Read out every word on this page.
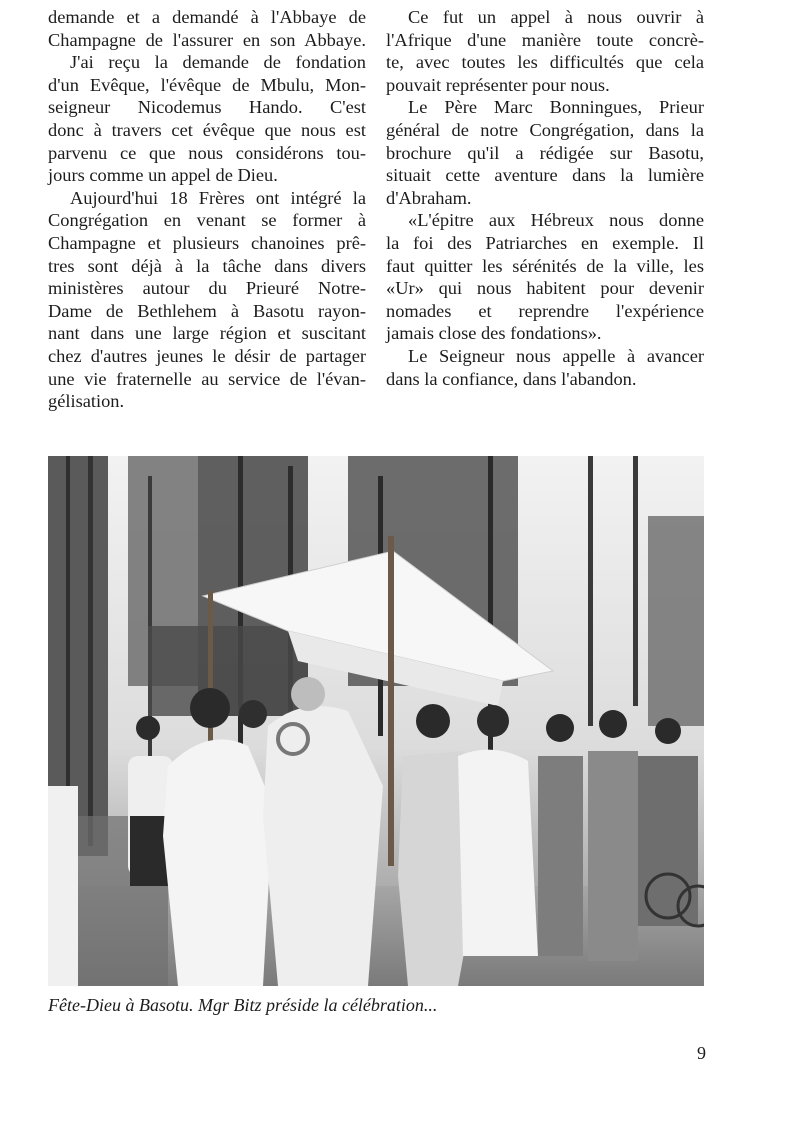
demande et a demandé à l'Abbaye de
Champagne de l'assurer en son Abbaye.
J'ai reçu la demande de fondation
d'un Evêque, l'évêque de Mbulu, Mon-
seigneur Nicodemus Hando. C'est
donc à travers cet évêque que nous est
parvenu ce que nous considérons tou-
jours comme un appel de Dieu.
Aujourd'hui 18 Frères ont intégré la
Congrégation en venant se former à
Champagne et plusieurs chanoines prê-
tres sont déjà à la tâche dans divers
ministères autour du Prieuré Notre-
Dame de Bethlehem à Basotu rayon-
nant dans une large région et suscitant
chez d'autres jeunes le désir de partager
une vie fraternelle au service de l'évan-
gélisation.
Ce fut un appel à nous ouvrir à
l'Afrique d'une manière toute concrè-
te, avec toutes les difficultés que cela
pouvait représenter pour nous.
Le Père Marc Bonningues, Prieur
général de notre Congrégation, dans la
brochure qu'il a rédigée sur Basotu,
situait cette aventure dans la lumière
d'Abraham.
«L'épitre aux Hébreux nous donne
la foi des Patriarches en exemple. Il
faut quitter les sérénités de la ville, les
«Ur» qui nous habitent pour devenir
nomades et reprendre l'expérience
jamais close des fondations».
Le Seigneur nous appelle à avancer
dans la confiance, dans l'abandon.
Fête-Dieu à Basotu. Mgr Bitz préside la célébration...
9
